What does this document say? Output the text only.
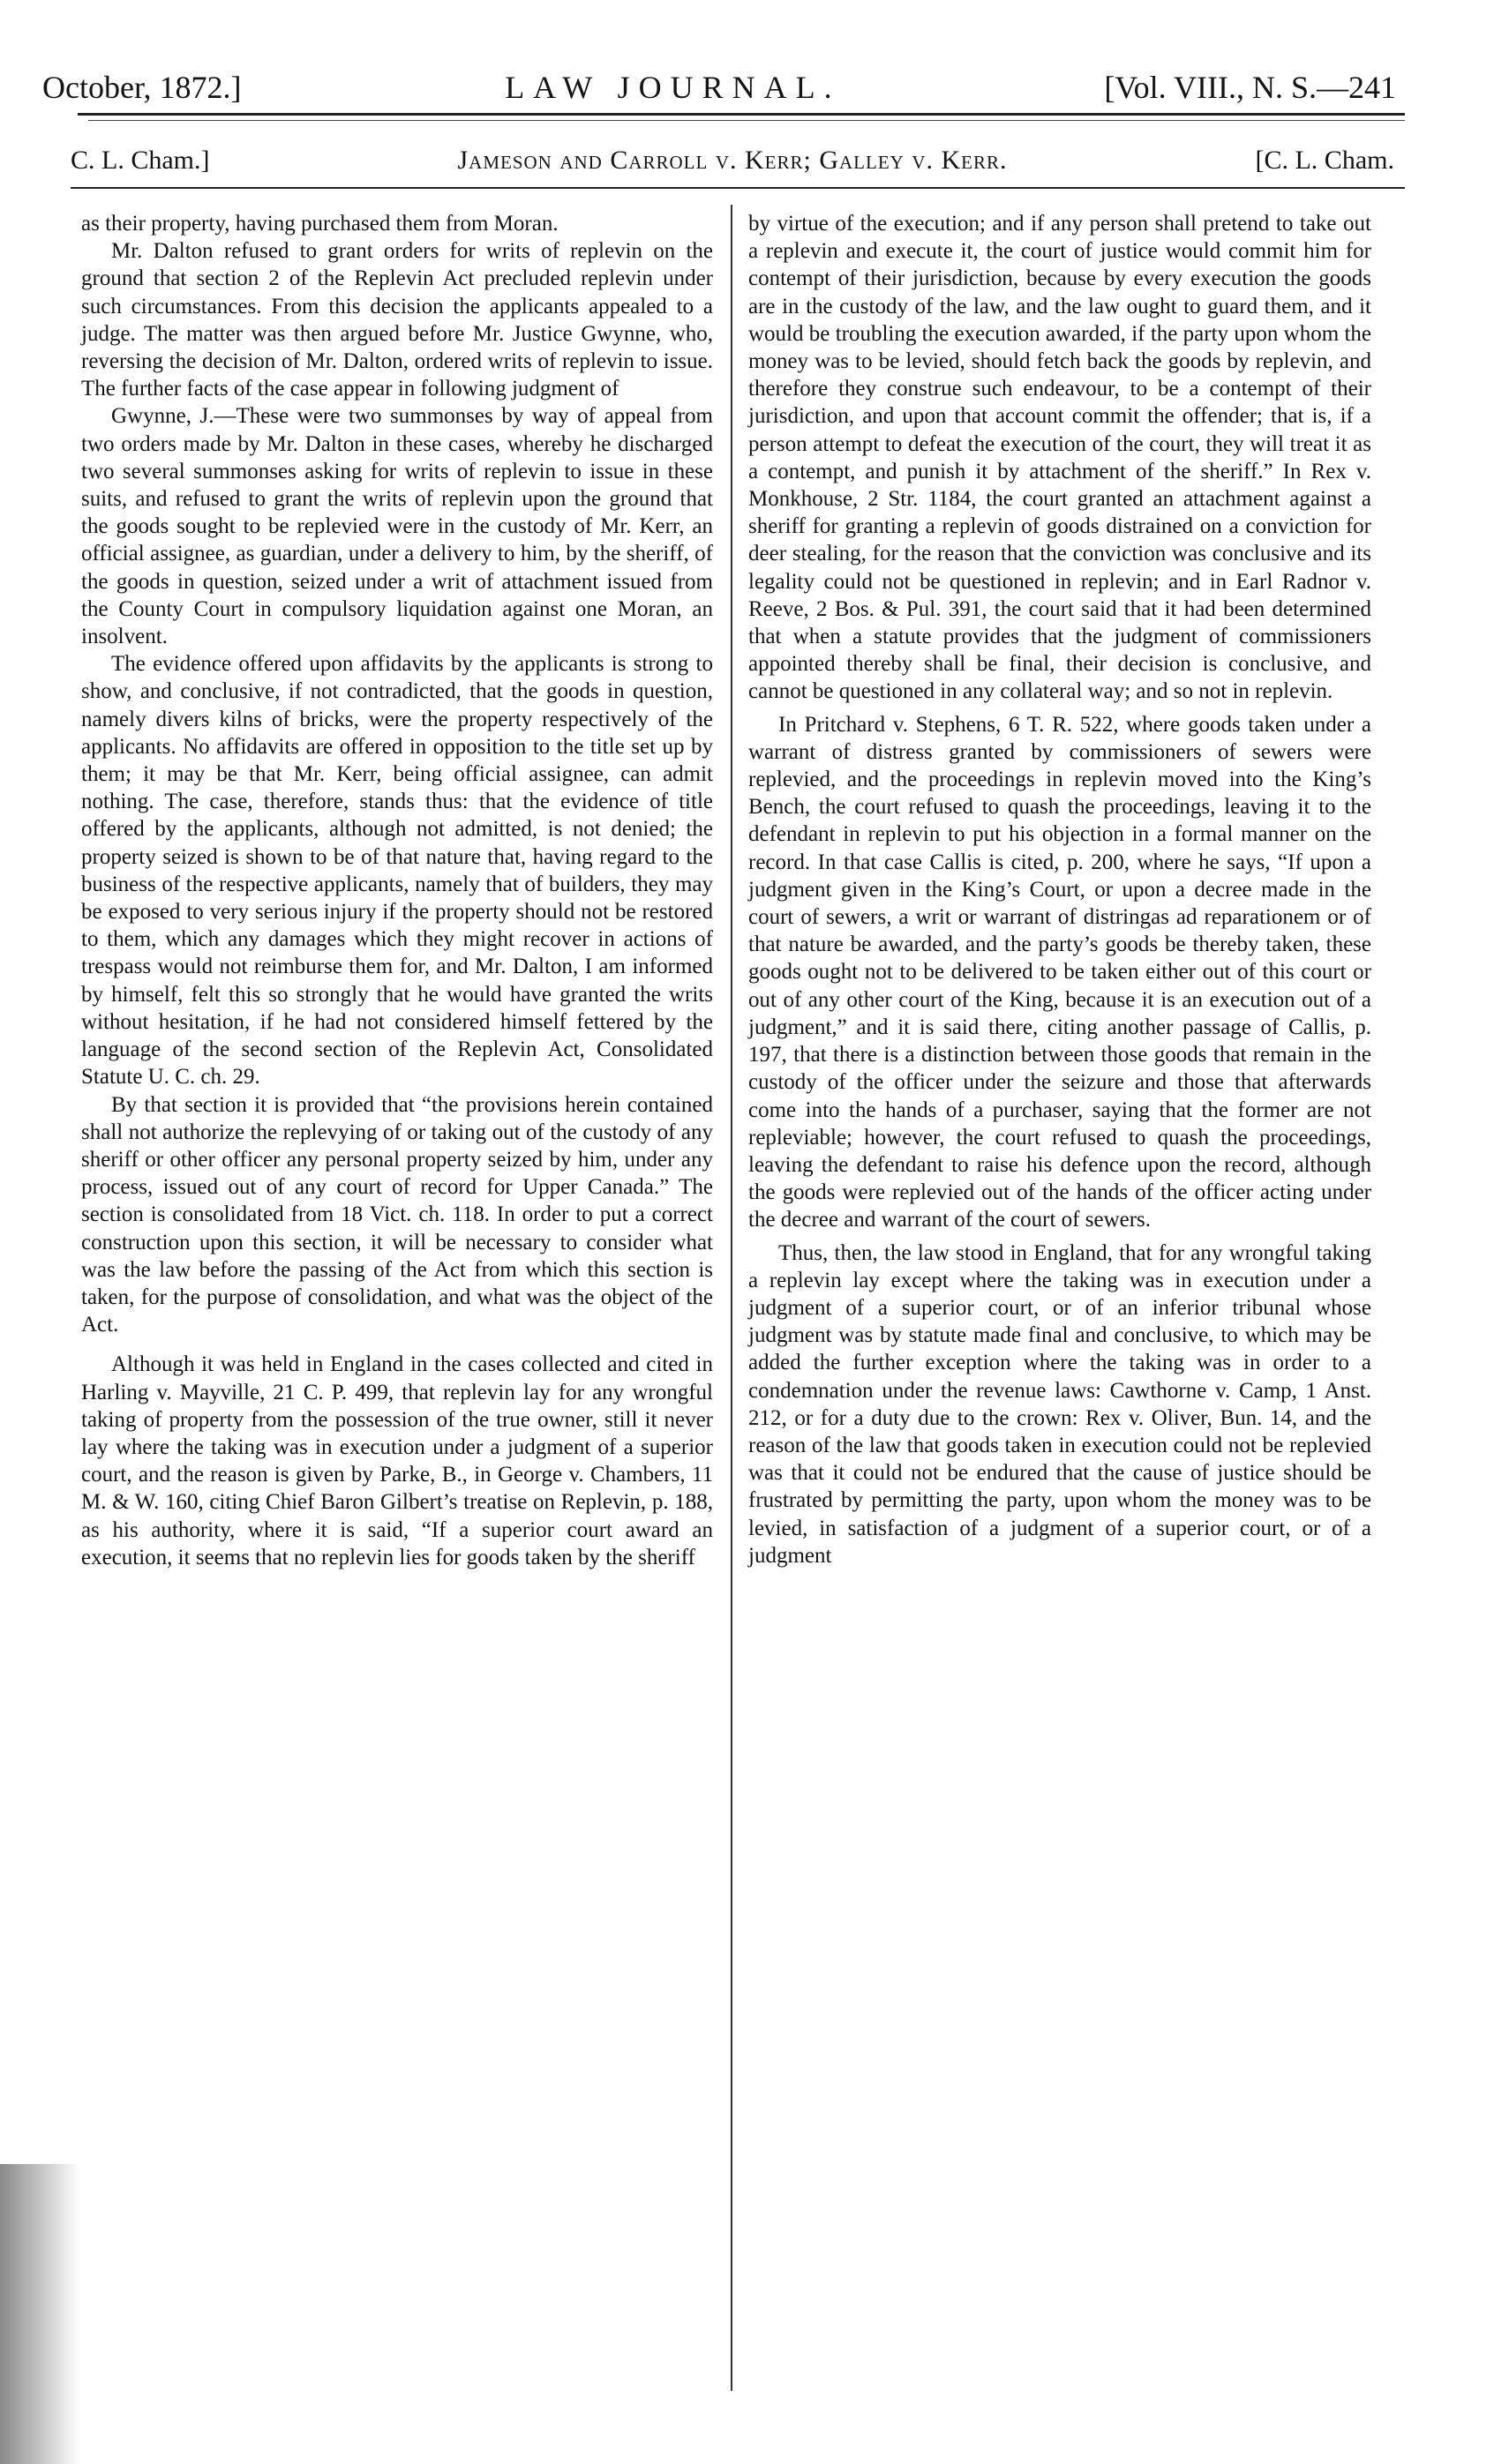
October, 1872.]	LAW JOURNAL.	[Vol. VIII., N. S.—241
C. L. Cham.]	Jameson and Carroll v. Kerr; Galley v. Kerr.	[C. L. Cham.

as their property, having purchased them from Moran.

Mr. Dalton refused to grant orders for writs of replevin on the ground that section 2 of the Replevin Act precluded replevin under such circumstances. From this decision the applicants appealed to a judge. The matter was then argued before Mr. Justice Gwynne, who, reversing the decision of Mr. Dalton, ordered writs of replevin to issue. The further facts of the case appear in following judgment of

Gwynne, J.—These were two summonses by way of appeal from two orders made by Mr. Dalton in these cases, whereby he discharged two several summonses asking for writs of replevin to issue in these suits, and refused to grant the writs of replevin upon the ground that the goods sought to be replevied were in the custody of Mr. Kerr, an official assignee, as guardian, under a delivery to him, by the sheriff, of the goods in question, seized under a writ of attachment issued from the County Court in compulsory liquidation against one Moran, an insolvent.

The evidence offered upon affidavits by the applicants is strong to show, and conclusive, if not contradicted, that the goods in question, namely divers kilns of bricks, were the property respectively of the applicants. No affidavits are offered in opposition to the title set up by them; it may be that Mr. Kerr, being official assignee, can admit nothing. The case, therefore, stands thus: that the evidence of title offered by the applicants, although not admitted, is not denied; the property seized is shown to be of that nature that, having regard to the business of the respective applicants, namely that of builders, they may be exposed to very serious injury if the property should not be restored to them, which any damages which they might recover in actions of trespass would not reimburse them for, and Mr. Dalton, I am informed by himself, felt this so strongly that he would have granted the writs without hesitation, if he had not considered himself fettered by the language of the second section of the Replevin Act, Consolidated Statute U. C. ch. 29.

By that section it is provided that “the provisions herein contained shall not authorize the replevying of or taking out of the custody of any sheriff or other officer any personal property seized by him, under any process, issued out of any court of record for Upper Canada.” The section is consolidated from 18 Vict. ch. 118. In order to put a correct construction upon this section, it will be necessary to consider what was the law before the passing of the Act from which this section is taken, for the purpose of consolidation, and what was the object of the Act.

Although it was held in England in the cases collected and cited in Harling v. Mayville, 21 C. P. 499, that replevin lay for any wrongful taking of property from the possession of the true owner, still it never lay where the taking was in execution under a judgment of a superior court, and the reason is given by Parke, B., in George v. Chambers, 11 M. & W. 160, citing Chief Baron Gilbert’s treatise on Replevin, p. 188, as his authority, where it is said, “If a superior court award an execution, it seems that no replevin lies for goods taken by the sheriff

by virtue of the execution; and if any person shall pretend to take out a replevin and execute it, the court of justice would commit him for contempt of their jurisdiction, because by every execution the goods are in the custody of the law, and the law ought to guard them, and it would be troubling the execution awarded, if the party upon whom the money was to be levied, should fetch back the goods by replevin, and therefore they construe such endeavour, to be a contempt of their jurisdiction, and upon that account commit the offender; that is, if a person attempt to defeat the execution of the court, they will treat it as a contempt, and punish it by attachment of the sheriff.” In Rex v. Monkhouse, 2 Str. 1184, the court granted an attachment against a sheriff for granting a replevin of goods distrained on a conviction for deer stealing, for the reason that the conviction was conclusive and its legality could not be questioned in replevin; and in Earl Radnor v. Reeve, 2 Bos. & Pul. 391, the court said that it had been determined that when a statute provides that the judgment of commissioners appointed thereby shall be final, their decision is conclusive, and cannot be questioned in any collateral way; and so not in replevin.

In Pritchard v. Stephens, 6 T. R. 522, where goods taken under a warrant of distress granted by commissioners of sewers were replevied, and the proceedings in replevin moved into the King’s Bench, the court refused to quash the proceedings, leaving it to the defendant in replevin to put his objection in a formal manner on the record. In that case Callis is cited, p. 200, where he says, “If upon a judgment given in the King’s Court, or upon a decree made in the court of sewers, a writ or warrant of distringas ad reparationem or of that nature be awarded, and the party’s goods be thereby taken, these goods ought not to be delivered to be taken either out of this court or out of any other court of the King, because it is an execution out of a judgment,” and it is said there, citing another passage of Callis, p. 197, that there is a distinction between those goods that remain in the custody of the officer under the seizure and those that afterwards come into the hands of a purchaser, saying that the former are not repleviable; however, the court refused to quash the proceedings, leaving the defendant to raise his defence upon the record, although the goods were replevied out of the hands of the officer acting under the decree and warrant of the court of sewers.

Thus, then, the law stood in England, that for any wrongful taking a replevin lay except where the taking was in execution under a judgment of a superior court, or of an inferior tribunal whose judgment was by statute made final and conclusive, to which may be added the further exception where the taking was in order to a condemnation under the revenue laws: Cawthorne v. Camp, 1 Anst. 212, or for a duty due to the crown: Rex v. Oliver, Bun. 14, and the reason of the law that goods taken in execution could not be replevied was that it could not be endured that the cause of justice should be frustrated by permitting the party, upon whom the money was to be levied, in satisfaction of a judgment of a superior court, or of a judgment
